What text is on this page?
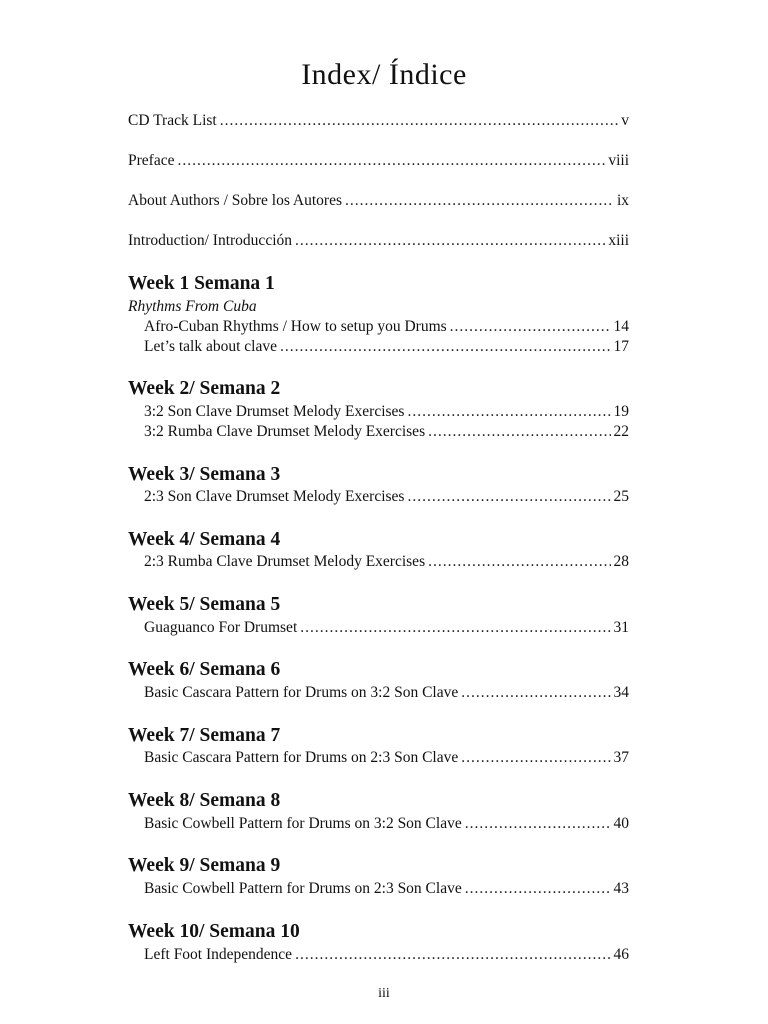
Index/ Índice
CD Track List .....	v
Preface .....	viii
About Authors / Sobre los Autores .....	ix
Introduction/ Introducción .....	xiii
Week 1 Semana 1
Rhythms From Cuba
Afro-Cuban Rhythms / How to setup you Drums .....	14
Let’s talk about clave .....	17
Week 2/ Semana 2
3:2 Son Clave Drumset Melody Exercises .....	19
3:2 Rumba Clave Drumset Melody Exercises .....	22
Week 3/ Semana 3
2:3 Son Clave Drumset Melody Exercises .....	25
Week 4/ Semana 4
2:3 Rumba Clave Drumset Melody Exercises .....	28
Week 5/ Semana 5
Guaguanco For Drumset .....	31
Week 6/ Semana 6
Basic Cascara Pattern for Drums on 3:2 Son Clave .....	34
Week 7/ Semana 7
Basic Cascara Pattern for Drums on 2:3 Son Clave .....	37
Week 8/ Semana 8
Basic Cowbell Pattern for Drums on 3:2 Son Clave .....	40
Week 9/ Semana 9
Basic Cowbell Pattern for Drums on 2:3 Son Clave .....	43
Week 10/ Semana 10
Left Foot Independence .....	46
iii
